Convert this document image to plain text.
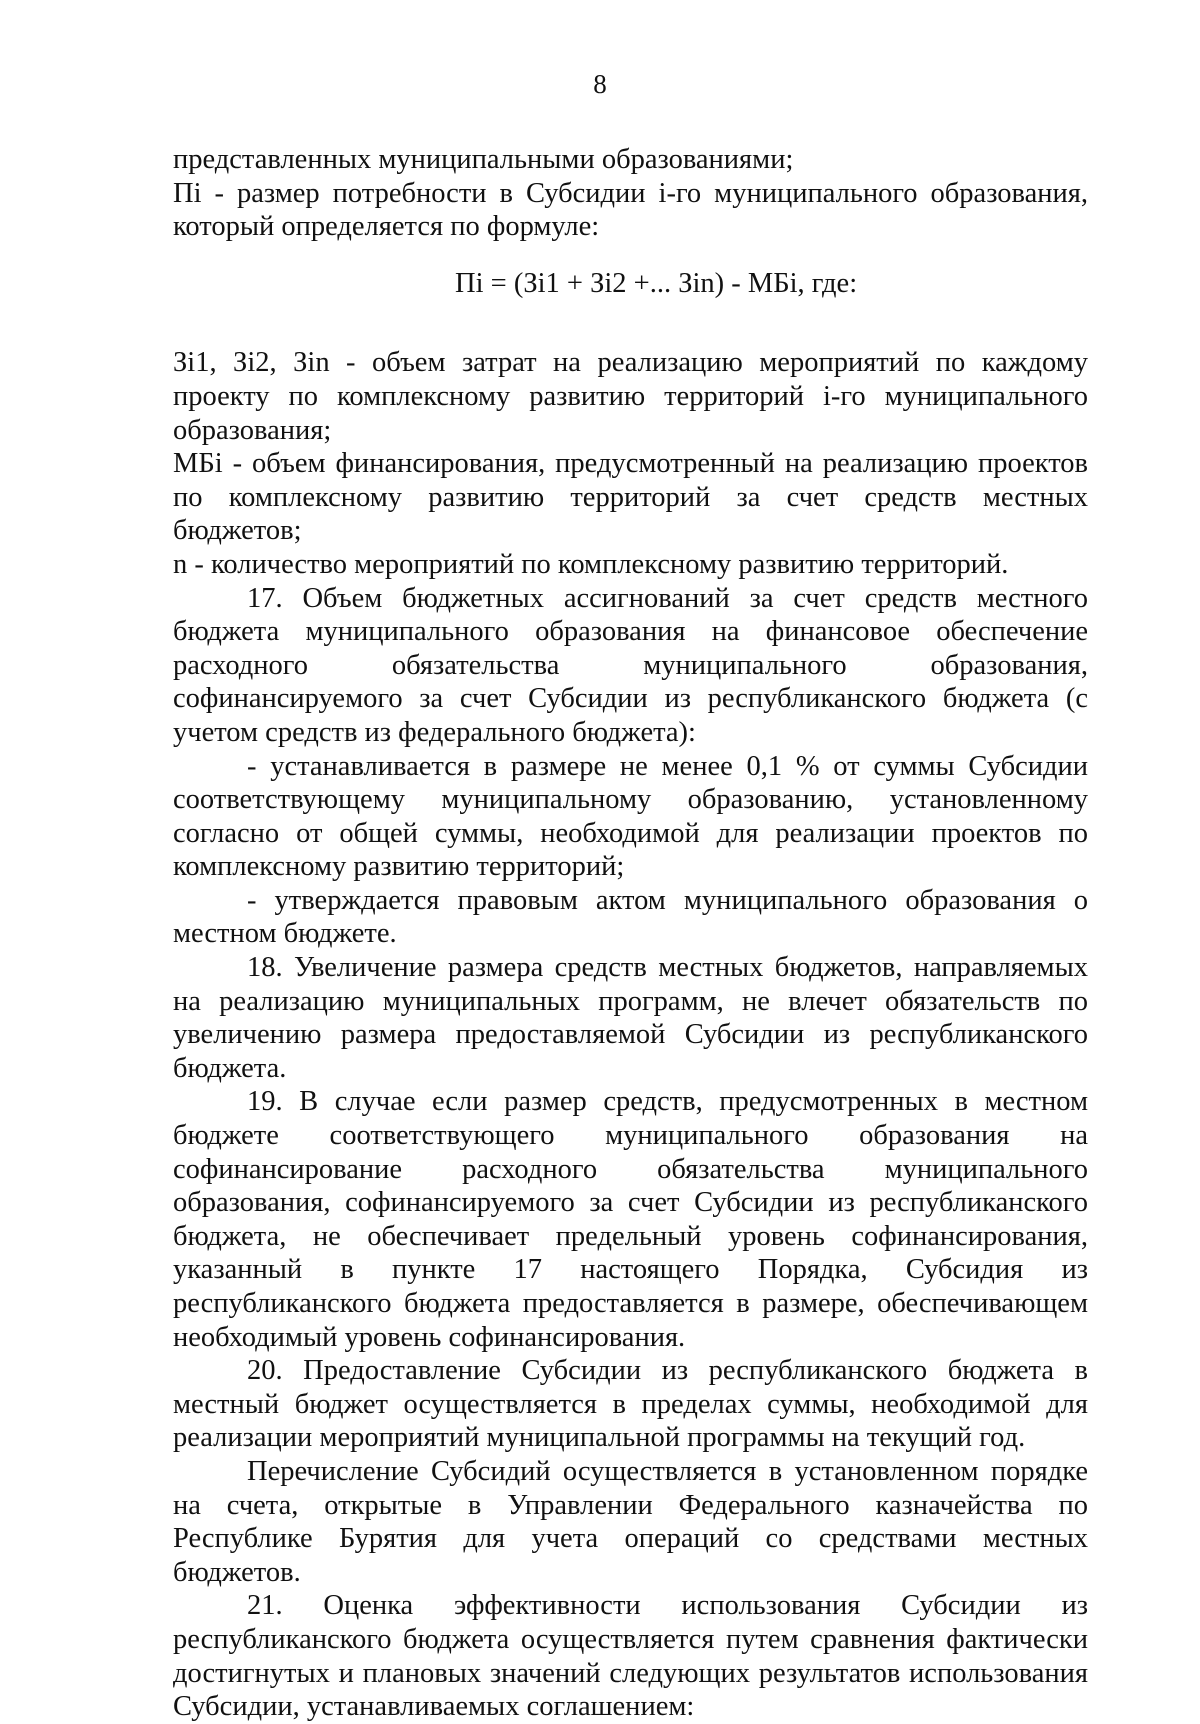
8

представленных муниципальными образованиями;

Пi - размер потребности в Субсидии i-го муниципального образования, который определяется по формуле:

Пi = (Зi1 + Зi2 +... Зin) - МБi, где:

Зi1, Зi2, Зin - объем затрат на реализацию мероприятий по каждому проекту по комплексному развитию территорий i-го муниципального образования;

МБi - объем финансирования, предусмотренный на реализацию проектов по комплексному развитию территорий за счет средств местных бюджетов;

n - количество мероприятий по комплексному развитию территорий.

17. Объем бюджетных ассигнований за счет средств местного бюджета муниципального образования на финансовое обеспечение расходного обязательства муниципального образования, софинансируемого за счет Субсидии из республиканского бюджета (с учетом средств из федерального бюджета):

- устанавливается в размере не менее 0,1 % от суммы Субсидии соответствующему муниципальному образованию, установленному согласно от общей суммы, необходимой для реализации проектов по комплексному развитию территорий;

- утверждается правовым актом муниципального образования о местном бюджете.

18. Увеличение размера средств местных бюджетов, направляемых на реализацию муниципальных программ, не влечет обязательств по увеличению размера предоставляемой Субсидии из республиканского бюджета.

19. В случае если размер средств, предусмотренных в местном бюджете соответствующего муниципального образования на софинансирование расходного обязательства муниципального образования, софинансируемого за счет Субсидии из республиканского бюджета, не обеспечивает предельный уровень софинансирования, указанный в пункте 17 настоящего Порядка, Субсидия из республиканского бюджета предоставляется в размере, обеспечивающем необходимый уровень софинансирования.

20. Предоставление Субсидии из республиканского бюджета в местный бюджет осуществляется в пределах суммы, необходимой для реализации мероприятий муниципальной программы на текущий год.

Перечисление Субсидий осуществляется в установленном порядке на счета, открытые в Управлении Федерального казначейства по Республике Бурятия для учета операций со средствами местных бюджетов.

21. Оценка эффективности использования Субсидии из республиканского бюджета осуществляется путем сравнения фактически достигнутых и плановых значений следующих результатов использования Субсидии, устанавливаемых соглашением:
